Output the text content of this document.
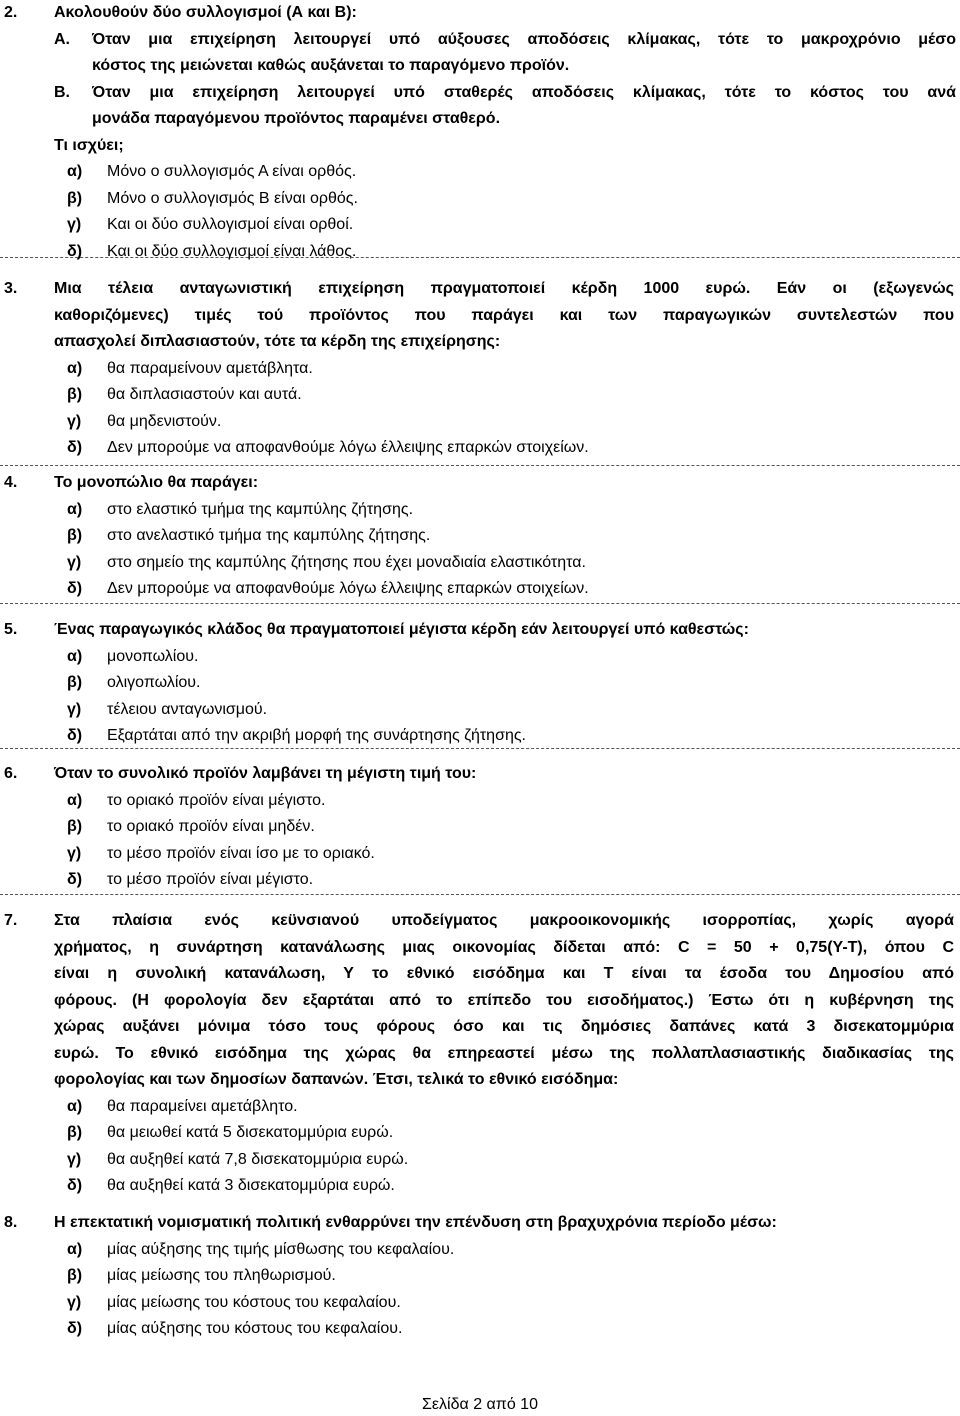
2. Ακολουθούν δύο συλλογισμοί (Α και Β):
Α. Όταν μια επιχείρηση λειτουργεί υπό αύξουσες αποδόσεις κλίμακας, τότε το μακροχρόνιο μέσο
κόστος της μειώνεται καθώς αυξάνεται το παραγόμενο προϊόν.
Β. Όταν μια επιχείρηση λειτουργεί υπό σταθερές αποδόσεις κλίμακας, τότε το κόστος του ανά
μονάδα παραγόμενου προϊόντος παραμένει σταθερό.
Τι ισχύει;
α) Μόνο ο συλλογισμός Α είναι ορθός.
β) Μόνο ο συλλογισμός Β είναι ορθός.
γ) Και οι δύο συλλογισμοί είναι ορθοί.
δ) Και οι δύο συλλογισμοί είναι λάθος.
3. Μια τέλεια ανταγωνιστική επιχείρηση πραγματοποιεί κέρδη 1000 ευρώ. Εάν οι (εξωγενώς
καθοριζόμενες) τιμές τού προϊόντος που παράγει και των παραγωγικών συντελεστών που
απασχολεί διπλασιαστούν, τότε τα κέρδη της επιχείρησης:
α) θα παραμείνουν αμετάβλητα.
β) θα διπλασιαστούν και αυτά.
γ) θα μηδενιστούν.
δ) Δεν μπορούμε να αποφανθούμε λόγω έλλειψης επαρκών στοιχείων.
4. Το μονοπώλιο θα παράγει:
α) στο ελαστικό τμήμα της καμπύλης ζήτησης.
β) στο ανελαστικό τμήμα της καμπύλης ζήτησης.
γ) στο σημείο της καμπύλης ζήτησης που έχει μοναδιαία ελαστικότητα.
δ) Δεν μπορούμε να αποφανθούμε λόγω έλλειψης επαρκών στοιχείων.
5. Ένας παραγωγικός κλάδος θα πραγματοποιεί μέγιστα κέρδη εάν λειτουργεί υπό καθεστώς:
α) μονοπωλίου.
β) ολιγοπωλίου.
γ) τέλειου ανταγωνισμού.
δ) Εξαρτάται από την ακριβή μορφή της συνάρτησης ζήτησης.
6. Όταν το συνολικό προϊόν λαμβάνει τη μέγιστη τιμή του:
α) το οριακό προϊόν είναι μέγιστο.
β) το οριακό προϊόν είναι μηδέν.
γ) το μέσο προϊόν είναι ίσο με το οριακό.
δ) το μέσο προϊόν είναι μέγιστο.
7. Στα πλαίσια ενός κεϋνσιανού υποδείγματος μακροοικονομικής ισορροπίας, χωρίς αγορά
χρήματος, η συνάρτηση κατανάλωσης μιας οικονομίας δίδεται από: C = 50 + 0,75(Y-T), όπου C
είναι η συνολική κατανάλωση, Υ το εθνικό εισόδημα και Τ είναι τα έσοδα του Δημοσίου από
φόρους. (Η φορολογία δεν εξαρτάται από το επίπεδο του εισοδήματος.) Έστω ότι η κυβέρνηση της
χώρας αυξάνει μόνιμα τόσο τους φόρους όσο και τις δημόσιες δαπάνες κατά 3 δισεκατομμύρια
ευρώ. Το εθνικό εισόδημα της χώρας θα επηρεαστεί μέσω της πολλαπλασιαστικής διαδικασίας της
φορολογίας και των δημοσίων δαπανών. Έτσι, τελικά το εθνικό εισόδημα:
α) θα παραμείνει αμετάβλητο.
β) θα μειωθεί κατά 5 δισεκατομμύρια ευρώ.
γ) θα αυξηθεί κατά 7,8 δισεκατομμύρια ευρώ.
δ) θα αυξηθεί κατά 3 δισεκατομμύρια ευρώ.
8. Η επεκτατική νομισματική πολιτική ενθαρρύνει την επένδυση στη βραχυχρόνια περίοδο μέσω:
α) μίας αύξησης της τιμής μίσθωσης του κεφαλαίου.
β) μίας μείωσης του πληθωρισμού.
γ) μίας μείωσης του κόστους του κεφαλαίου.
δ) μίας αύξησης του κόστους του κεφαλαίου.
Σελίδα 2 από 10
